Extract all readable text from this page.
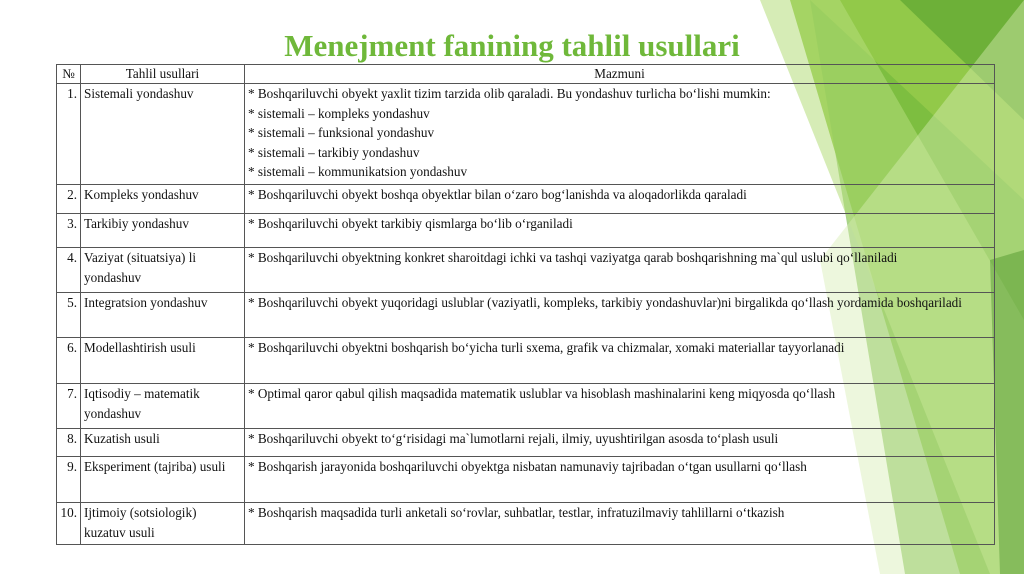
Menejment fanining tahlil usullari
№	Tahlil usullari	Mazmuni
1.	Sistemali yondashuv	* Boshqariluvchi obyekt yaxlit tizim tarzida olib qaraladi. Bu yondashuv turlicha bo‘lishi mumkin:
* sistemali – kompleks yondashuv
* sistemali – funksional yondashuv
* sistemali – tarkibiy yondashuv
* sistemali – kommunikatsion yondashuv

2.	Kompleks yondashuv	* Boshqariluvchi obyekt boshqa obyektlar bilan o‘zaro bog‘lanishda va aloqadorlikda qaraladi

3.	Tarkibiy yondashuv	* Boshqariluvchi obyekt tarkibiy qismlarga bo‘lib o‘rganiladi

4.	Vaziyat (situatsiya) li yondashuv	* Boshqariluvchi obyektning konkret sharoitdagi ichki va tashqi vaziyatga qarab boshqarishning ma`qul uslubi qo‘llaniladi

5.	Integratsion yondashuv	* Boshqariluvchi obyekt yuqoridagi uslublar (vaziyatli, kompleks, tarkibiy yondashuvlar)ni birgalikda qo‘llash yordamida boshqariladi

6.	Modellashtirish usuli	* Boshqariluvchi obyektni boshqarish bo‘yicha turli sxema, grafik va chizmalar, xomaki materiallar tayyorlanadi

7.	Iqtisodiy – matematik yondashuv	* Optimal qaror qabul qilish maqsadida matematik uslublar va hisoblash mashinalarini keng miqyosda qo‘llash

8.	Kuzatish usuli	* Boshqariluvchi obyekt to‘g‘risidagi ma`lumotlarni rejali, ilmiy, uyushtirilgan asosda to‘plash usuli

9.	Eksperiment (tajriba) usuli	* Boshqarish jarayonida boshqariluvchi obyektga nisbatan namunaviy tajribadan o‘tgan usullarni qo‘llash

10.	Ijtimoiy (sotsiologik) kuzatuv usuli	* Boshqarish maqsadida turli anketali so‘rovlar, suhbatlar, testlar, infratuzilmaviy tahlillarni o‘tkazish
